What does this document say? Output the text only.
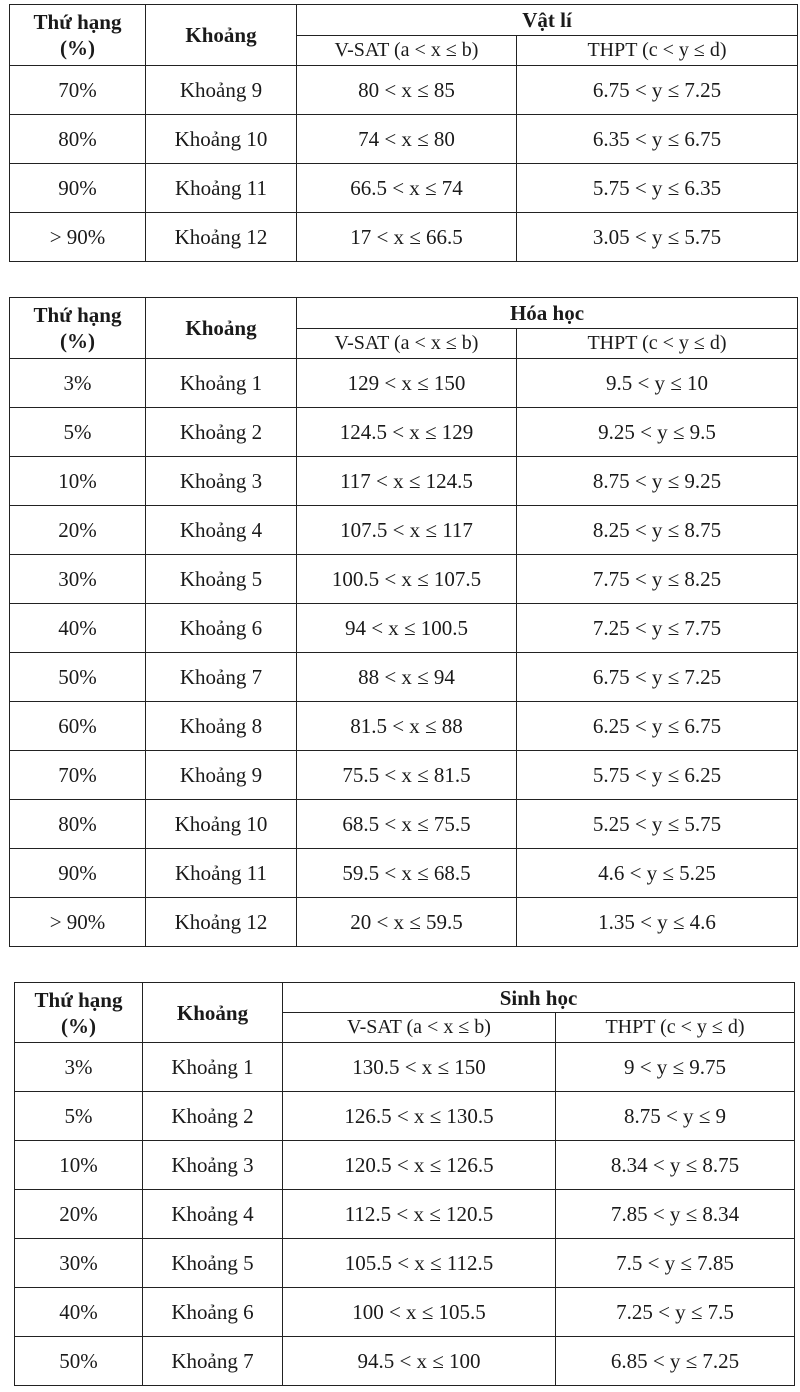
Thứ hạng
(%)	Khoảng	Vật lí	
		V-SAT (a < x ≤ b)	THPT (c < y ≤ d)
70%	Khoảng 9	80 < x ≤ 85	6.75 < y ≤ 7.25
80%	Khoảng 10	74 < x ≤ 80	6.35 < y ≤ 6.75
90%	Khoảng 11	66.5 < x ≤ 74	5.75 < y ≤ 6.35
> 90%	Khoảng 12	17 < x ≤ 66.5	3.05 < y ≤ 5.75
Thứ hạng
(%)	Khoảng	Hóa học	
		V-SAT (a < x ≤ b)	THPT (c < y ≤ d)
3%	Khoảng 1	129 < x ≤ 150	9.5 < y ≤ 10
5%	Khoảng 2	124.5 < x ≤ 129	9.25 < y ≤ 9.5
10%	Khoảng 3	117 < x ≤ 124.5	8.75 < y ≤ 9.25
20%	Khoảng 4	107.5 < x ≤ 117	8.25 < y ≤ 8.75
30%	Khoảng 5	100.5 < x ≤ 107.5	7.75 < y ≤ 8.25
40%	Khoảng 6	94 < x ≤ 100.5	7.25 < y ≤ 7.75
50%	Khoảng 7	88 < x ≤ 94	6.75 < y ≤ 7.25
60%	Khoảng 8	81.5 < x ≤ 88	6.25 < y ≤ 6.75
70%	Khoảng 9	75.5 < x ≤ 81.5	5.75 < y ≤ 6.25
80%	Khoảng 10	68.5 < x ≤ 75.5	5.25 < y ≤ 5.75
90%	Khoảng 11	59.5 < x ≤ 68.5	4.6 < y ≤ 5.25
> 90%	Khoảng 12	20 < x ≤ 59.5	1.35 < y ≤ 4.6
Thứ hạng
(%)	Khoảng	Sinh học	
		V-SAT (a < x ≤ b)	THPT (c < y ≤ d)
3%	Khoảng 1	130.5 < x ≤ 150	9 < y ≤ 9.75
5%	Khoảng 2	126.5 < x ≤ 130.5	8.75 < y ≤ 9
10%	Khoảng 3	120.5 < x ≤ 126.5	8.34 < y ≤ 8.75
20%	Khoảng 4	112.5 < x ≤ 120.5	7.85 < y ≤ 8.34
30%	Khoảng 5	105.5 < x ≤ 112.5	7.5 < y ≤ 7.85
40%	Khoảng 6	100 < x ≤ 105.5	7.25 < y ≤ 7.5
50%	Khoảng 7	94.5 < x ≤ 100	6.85 < y ≤ 7.25
